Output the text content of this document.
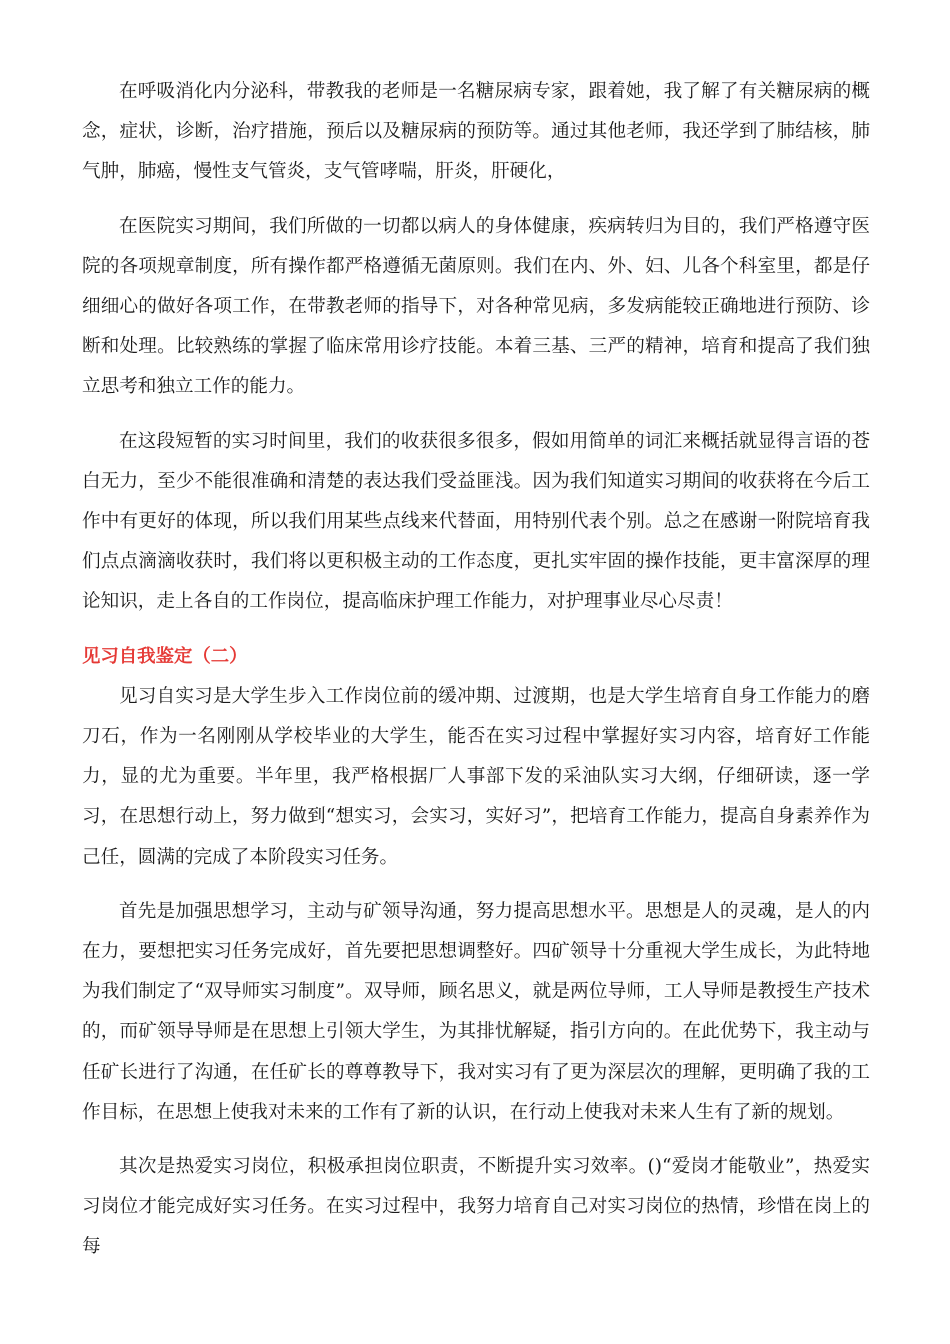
在呼吸消化内分泌科，带教我的老师是一名糖尿病专家，跟着她，我了解了有关糖尿病的概念，症状，诊断，治疗措施，预后以及糖尿病的预防等。通过其他老师，我还学到了肺结核，肺气肿，肺癌，慢性支气管炎，支气管哮喘，肝炎，肝硬化，

在医院实习期间，我们所做的一切都以病人的身体健康，疾病转归为目的，我们严格遵守医院的各项规章制度，所有操作都严格遵循无菌原则。我们在内、外、妇、儿各个科室里，都是仔细细心的做好各项工作，在带教老师的指导下，对各种常见病，多发病能较正确地进行预防、诊断和处理。比较熟练的掌握了临床常用诊疗技能。本着三基、三严的精神，培育和提高了我们独立思考和独立工作的能力。

在这段短暂的实习时间里，我们的收获很多很多，假如用简单的词汇来概括就显得言语的苍白无力，至少不能很准确和清楚的表达我们受益匪浅。因为我们知道实习期间的收获将在今后工作中有更好的体现，所以我们用某些点线来代替面，用特别代表个别。总之在感谢一附院培育我们点点滴滴收获时，我们将以更积极主动的工作态度，更扎实牢固的操作技能，更丰富深厚的理论知识，走上各自的工作岗位，提高临床护理工作能力，对护理事业尽心尽责！

见习自我鉴定（二）

见习自实习是大学生步入工作岗位前的缓冲期、过渡期，也是大学生培育自身工作能力的磨刀石，作为一名刚刚从学校毕业的大学生，能否在实习过程中掌握好实习内容，培育好工作能力，显的尤为重要。半年里，我严格根据厂人事部下发的采油队实习大纲，仔细研读，逐一学习，在思想行动上，努力做到“想实习，会实习，实好习”，把培育工作能力，提高自身素养作为己任，圆满的完成了本阶段实习任务。

首先是加强思想学习，主动与矿领导沟通，努力提高思想水平。思想是人的灵魂，是人的内在力，要想把实习任务完成好，首先要把思想调整好。四矿领导十分重视大学生成长，为此特地为我们制定了“双导师实习制度”。双导师，顾名思义，就是两位导师，工人导师是教授生产技术的，而矿领导导师是在思想上引领大学生，为其排忧解疑，指引方向的。在此优势下，我主动与任矿长进行了沟通，在任矿长的尊尊教导下，我对实习有了更为深层次的理解，更明确了我的工作目标，在思想上使我对未来的工作有了新的认识，在行动上使我对未来人生有了新的规划。

其次是热爱实习岗位，积极承担岗位职责，不断提升实习效率。()“爱岗才能敬业”，热爱实习岗位才能完成好实习任务。在实习过程中，我努力培育自己对实习岗位的热情，珍惜在岗上的每
